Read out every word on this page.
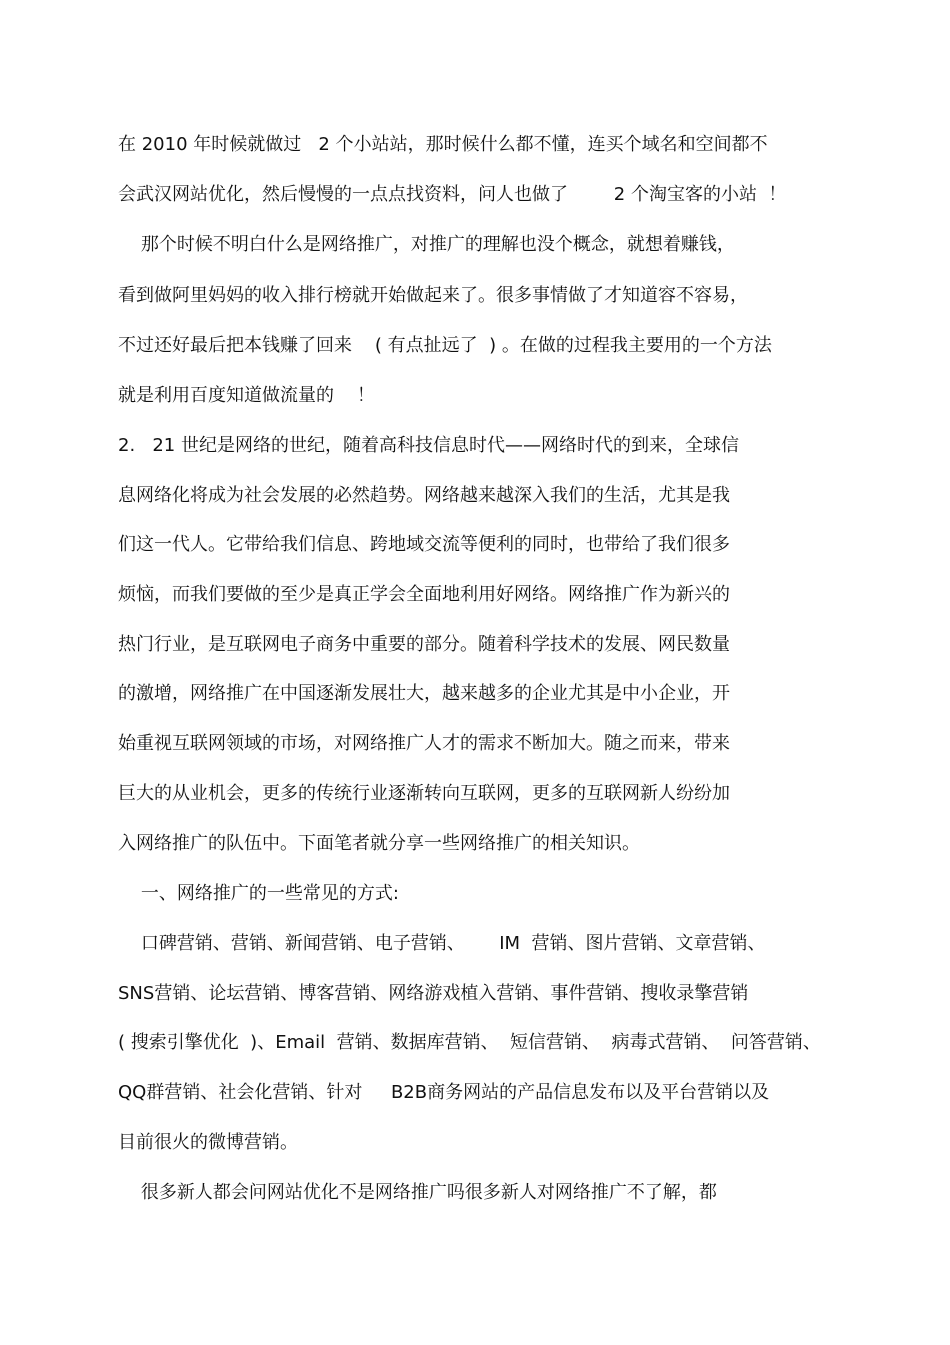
在 2010 年时候就做过   2 个小站站，那时候什么都不懂，连买个域名和空间都不

会武汉网站优化，然后慢慢的一点点找资料，问人也做了        2 个淘宝客的小站  ！

那个时候不明白什么是网络推广，对推广的理解也没个概念，就想着赚钱，

看到做阿里妈妈的收入排行榜就开始做起来了。很多事情做了才知道容不容易，

不过还好最后把本钱赚了回来    ( 有点扯远了  ) 。在做的过程我主要用的一个方法

就是利用百度知道做流量的    ！

2.   21 世纪是网络的世纪，随着高科技信息时代——网络时代的到来，全球信

息网络化将成为社会发展的必然趋势。网络越来越深入我们的生活，尤其是我

们这一代人。它带给我们信息、跨地域交流等便利的同时，也带给了我们很多

烦恼，而我们要做的至少是真正学会全面地利用好网络。网络推广作为新兴的

热门行业，是互联网电子商务中重要的部分。随着科学技术的发展、网民数量

的激增，网络推广在中国逐渐发展壮大，越来越多的企业尤其是中小企业，开

始重视互联网领域的市场，对网络推广人才的需求不断加大。随之而来，带来

巨大的从业机会，更多的传统行业逐渐转向互联网，更多的互联网新人纷纷加

入网络推广的队伍中。下面笔者就分享一些网络推广的相关知识。

一、网络推广的一些常见的方式:

口碑营销、营销、新闻营销、电子营销、      IM  营销、图片营销、文章营销、

SNS营销、论坛营销、博客营销、网络游戏植入营销、事件营销、搜收录擎营销

( 搜索引擎优化  )、Email  营销、数据库营销、  短信营销、  病毒式营销、  问答营销、

QQ群营销、社会化营销、针对     B2B商务网站的产品信息发布以及平台营销以及

目前很火的微博营销。

很多新人都会问网站优化不是网络推广吗很多新人对网络推广不了解，都
